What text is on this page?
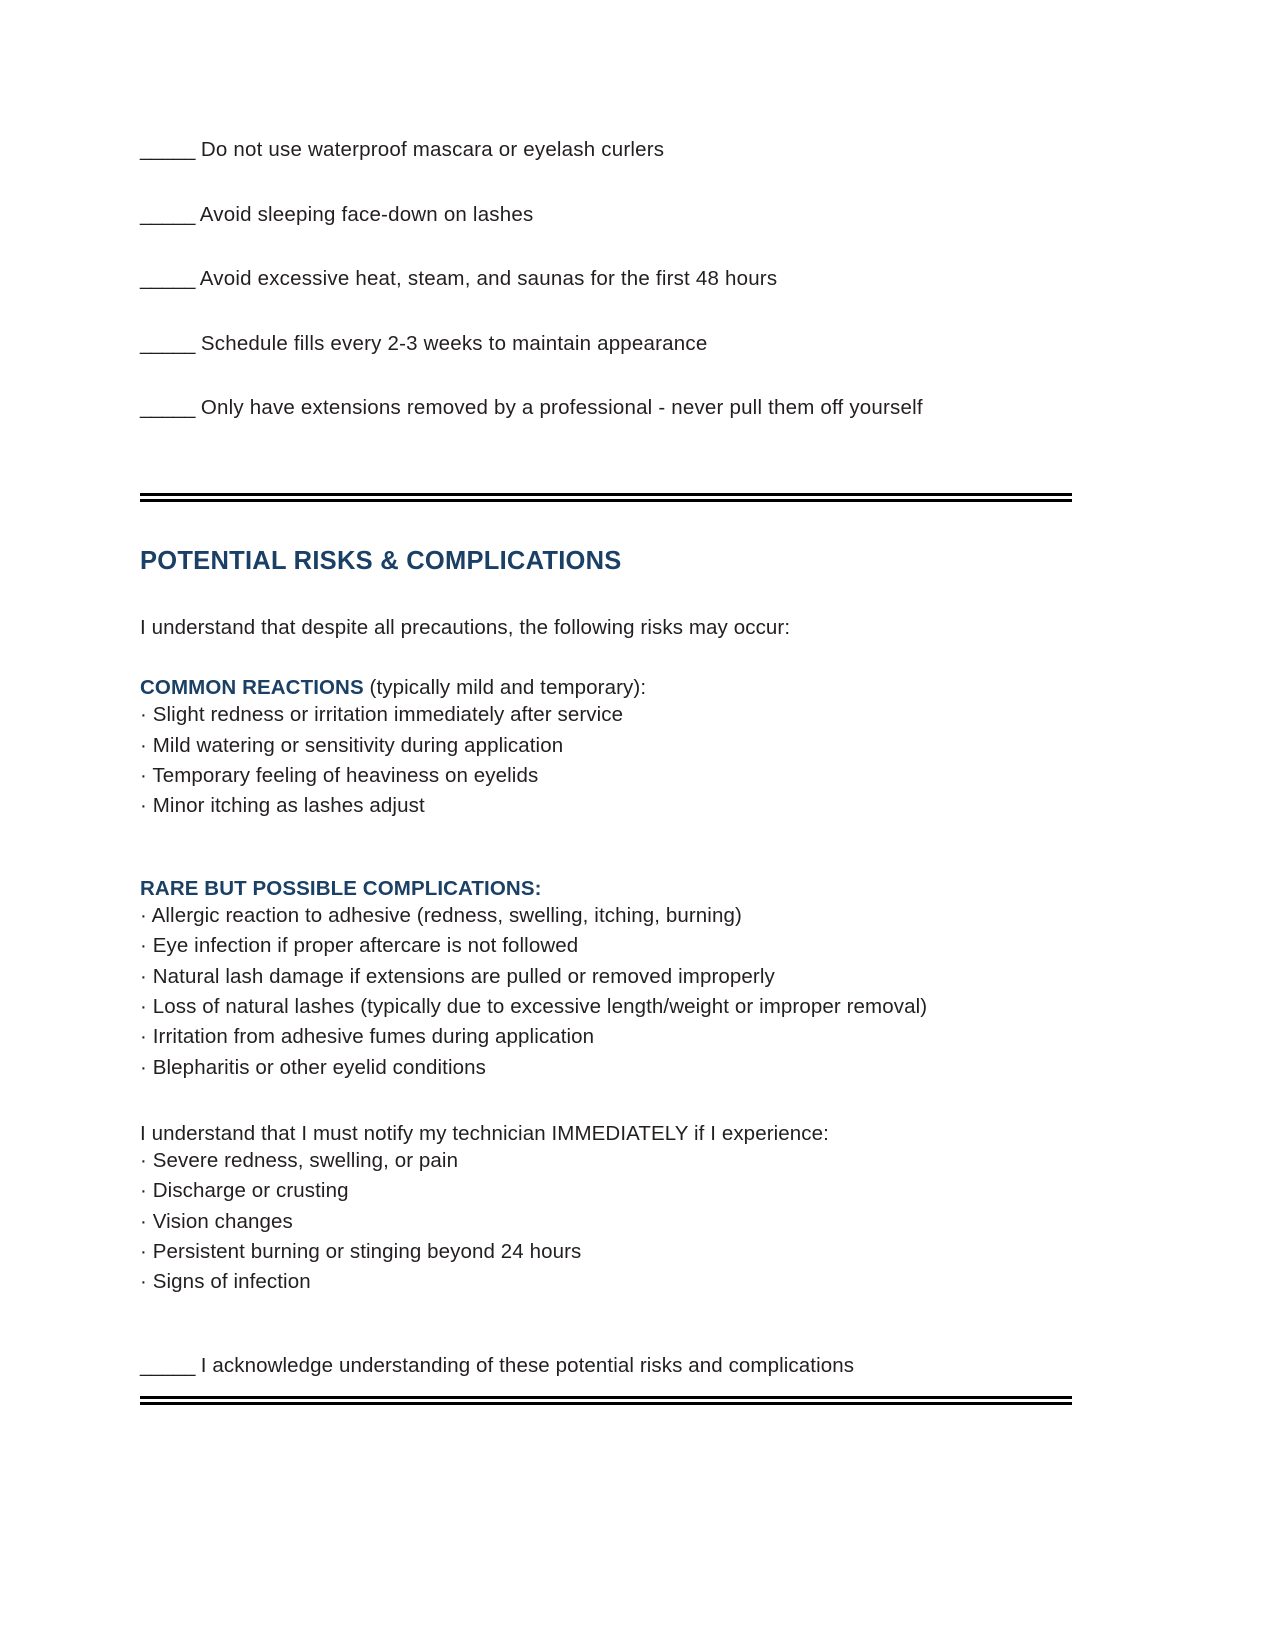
_____ Do not use waterproof mascara or eyelash curlers
_____ Avoid sleeping face-down on lashes
_____ Avoid excessive heat, steam, and saunas for the first 48 hours
_____ Schedule fills every 2-3 weeks to maintain appearance
_____ Only have extensions removed by a professional - never pull them off yourself
POTENTIAL RISKS & COMPLICATIONS
I understand that despite all precautions, the following risks may occur:
COMMON REACTIONS (typically mild and temporary):
· Slight redness or irritation immediately after service
· Mild watering or sensitivity during application
· Temporary feeling of heaviness on eyelids
· Minor itching as lashes adjust
RARE BUT POSSIBLE COMPLICATIONS:
· Allergic reaction to adhesive (redness, swelling, itching, burning)
· Eye infection if proper aftercare is not followed
· Natural lash damage if extensions are pulled or removed improperly
· Loss of natural lashes (typically due to excessive length/weight or improper removal)
· Irritation from adhesive fumes during application
· Blepharitis or other eyelid conditions
I understand that I must notify my technician IMMEDIATELY if I experience:
· Severe redness, swelling, or pain
· Discharge or crusting
· Vision changes
· Persistent burning or stinging beyond 24 hours
· Signs of infection
_____ I acknowledge understanding of these potential risks and complications
